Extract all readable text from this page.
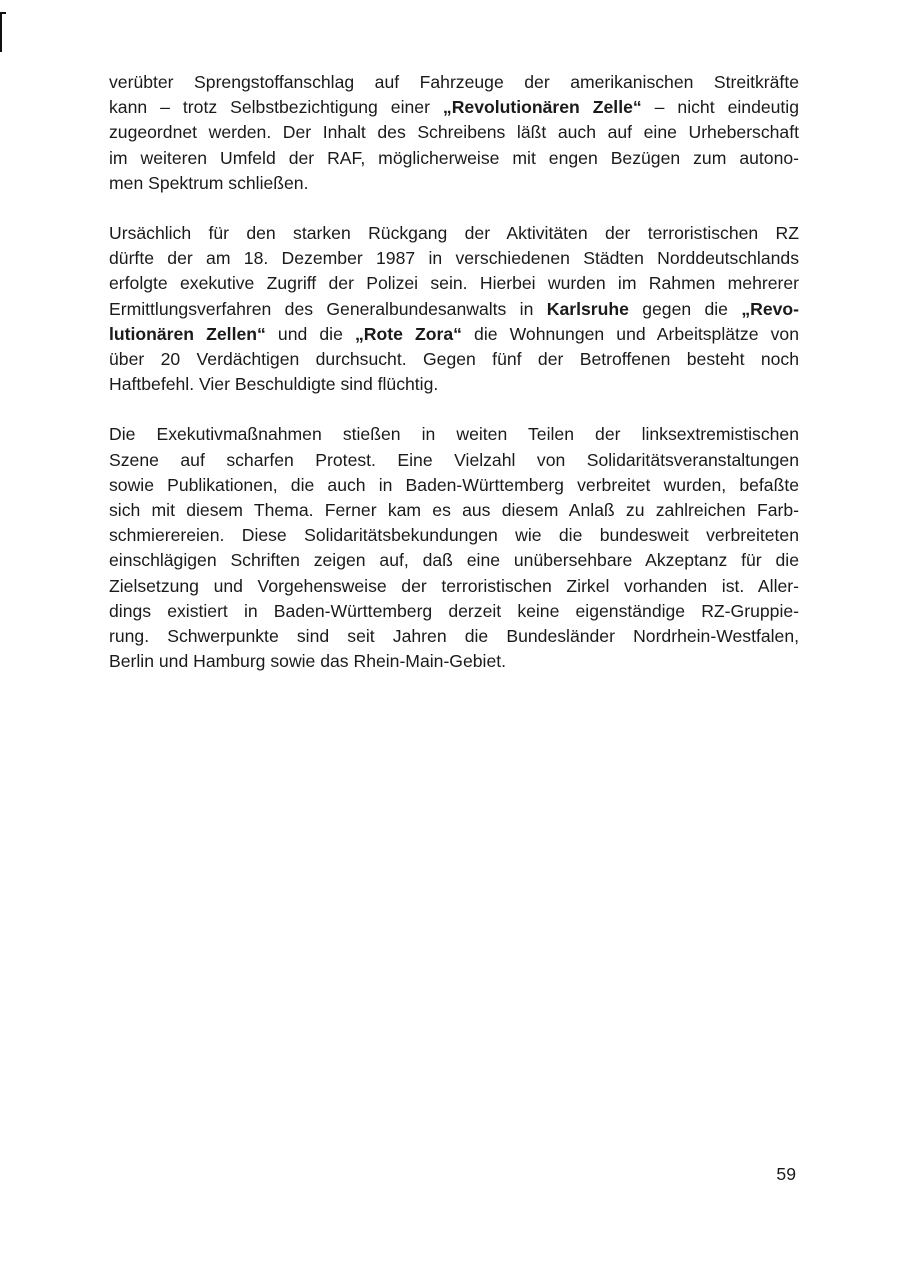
verübter Sprengstoffanschlag auf Fahrzeuge der amerikanischen Streitkräfte
kann – trotz Selbstbezichtigung einer „Revolutionären Zelle“ – nicht eindeutig
zugeordnet werden. Der Inhalt des Schreibens läßt auch auf eine Urheberschaft
im weiteren Umfeld der RAF, möglicherweise mit engen Bezügen zum autono-
men Spektrum schließen.
Ursächlich für den starken Rückgang der Aktivitäten der terroristischen RZ
dürfte der am 18. Dezember 1987 in verschiedenen Städten Norddeutschlands
erfolgte exekutive Zugriff der Polizei sein. Hierbei wurden im Rahmen mehrerer
Ermittlungsverfahren des Generalbundesanwalts in Karlsruhe gegen die „Revo-
lutionären Zellen“ und die „Rote Zora“ die Wohnungen und Arbeitsplätze von
über 20 Verdächtigen durchsucht. Gegen fünf der Betroffenen besteht noch
Haftbefehl. Vier Beschuldigte sind flüchtig.
Die Exekutivmaßnahmen stießen in weiten Teilen der linksextremistischen
Szene auf scharfen Protest. Eine Vielzahl von Solidaritätsveranstaltungen
sowie Publikationen, die auch in Baden-Württemberg verbreitet wurden, befaßte
sich mit diesem Thema. Ferner kam es aus diesem Anlaß zu zahlreichen Farb-
schmierereien. Diese Solidaritätsbekundungen wie die bundesweit verbreiteten
einschlägigen Schriften zeigen auf, daß eine unübersehbare Akzeptanz für die
Zielsetzung und Vorgehensweise der terroristischen Zirkel vorhanden ist. Aller-
dings existiert in Baden-Württemberg derzeit keine eigenständige RZ-Gruppie-
rung. Schwerpunkte sind seit Jahren die Bundesländer Nordrhein-Westfalen,
Berlin und Hamburg sowie das Rhein-Main-Gebiet.
59
